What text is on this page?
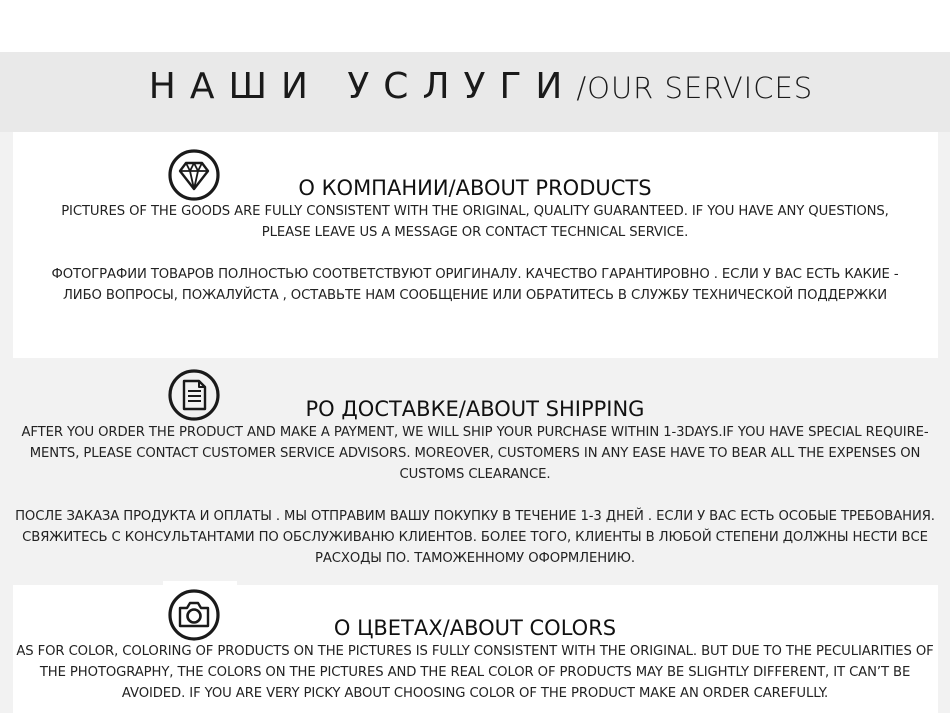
НАШИ УСЛУГИ/OUR SERVICES
О КОМПАНИИ/ABOUT PRODUCTS
PICTURES OF THE GOODS ARE FULLY CONSISTENT WITH THE ORIGINAL, QUALITY GUARANTEED. IF YOU HAVE ANY QUESTIONS,
PLEASE LEAVE US A MESSAGE OR CONTACT TECHNICAL SERVICE.
ФОТОГРАФИИ ТОВАРОВ ПОЛНОСТЬЮ СООТВЕТСТВУЮТ ОРИГИНАЛУ. КАЧЕСТВО ГАРАНТИРОВНО . ЕСЛИ У ВАС ЕСТЬ КАКИЕ -
ЛИБО ВОПРОСЫ, ПОЖАЛУЙСТА , ОСТАВЬТЕ НАМ СООБЩЕНИЕ ИЛИ ОБРАТИТЕСЬ В СЛУЖБУ ТЕХНИЧЕСКОЙ ПОДДЕРЖКИ
РО ДОСТАВКЕ/ABOUT SHIPPING
AFTER YOU ORDER THE PRODUCT AND MAKE A PAYMENT, WE WILL SHIP YOUR PURCHASE WITHIN 1-3DAYS.IF YOU HAVE SPECIAL REQUIRE-
MENTS, PLEASE CONTACT CUSTOMER SERVICE ADVISORS. MOREOVER, CUSTOMERS IN ANY EASE HAVE TO BEAR ALL THE EXPENSES ON
CUSTOMS CLEARANCE.
ПОСЛЕ ЗАКАЗА ПРОДУКТА И ОПЛАТЫ . МЫ ОТПРАВИМ ВАШУ ПОКУПКУ В ТЕЧЕНИЕ 1-3 ДНЕЙ . ЕСЛИ У ВАС ЕСТЬ ОСОБЫЕ ТРЕБОВАНИЯ.
СВЯЖИТЕСЬ С КОНСУЛЬТАНТАМИ ПО ОБСЛУЖИВАНЮ КЛИЕНТОВ. БОЛЕЕ ТОГО, КЛИЕНТЫ В ЛЮБОЙ СТЕПЕНИ ДОЛЖНЫ НЕСТИ ВСЕ
РАСХОДЫ ПО. ТАМОЖЕННОМУ ОФОРМЛЕНИЮ.
О ЦВЕТАХ/ABOUT COLORS
AS FOR COLOR, COLORING OF PRODUCTS ON THE PICTURES IS FULLY CONSISTENT WITH THE ORIGINAL. BUT DUE TO THE PECULIARITIES OF
THE PHOTOGRAPHY, THE COLORS ON THE PICTURES AND THE REAL COLOR OF PRODUCTS MAY BE SLIGHTLY DIFFERENT, IT CAN’T BE
AVOIDED. IF YOU ARE VERY PICKY ABOUT CHOOSING COLOR OF THE PRODUCT MAKE AN ORDER CAREFULLY.
